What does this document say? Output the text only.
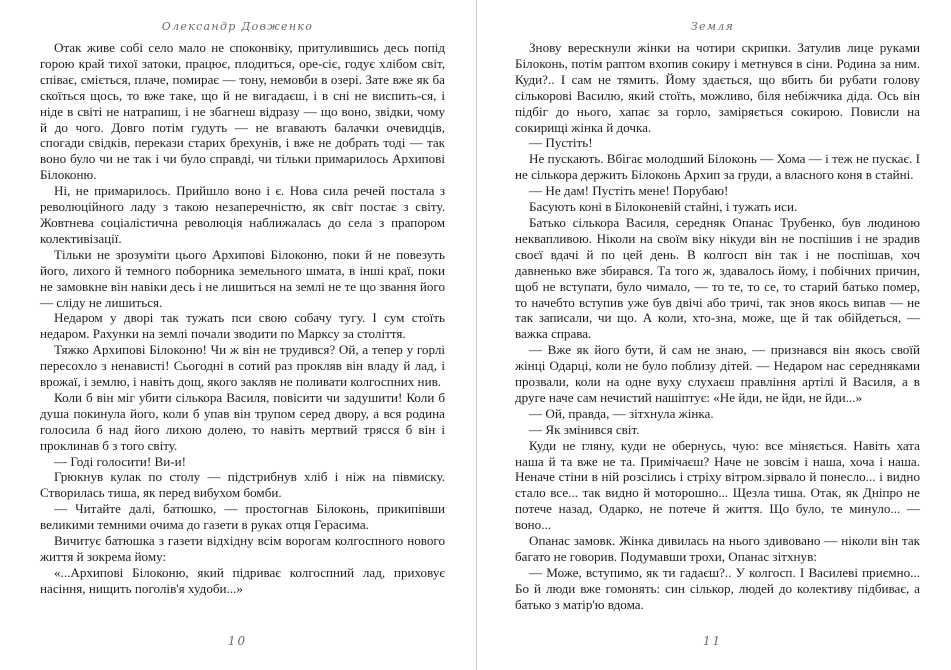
Олександр Довженко

Отак живе собі село мало не споконвіку, притулившись десь попід горою край тихої затоки, працює, плодиться, оре-сіє, годує хлібом світ, співає, сміється, плаче, помирає — тону, немовби в озері. Зате вже як ба скоїться щось, то вже таке, що й не вигадаєш, і в сні не виспить-ся, і ніде в світі не натрапиш, і не збагнеш відразу — що воно, звідки, чому й до чого. Довго потім гудуть — не вгавають балачки очевидців, спогади свідків, перекази старих брехунів, і вже не добрать тоді — так воно було чи не так і чи було справді, чи тільки примарилось Архипові Білоконю.

Ні, не примарилось. Прийшло воно і є. Нова сила речей постала з революційного ладу з такою незаперечністю, як світ постає з світу. Жовтнева соціалістична революція наближалась до села з прапором колективізації.

Тільки не зрозуміти цього Архипові Білоконю, поки й не повезуть його, лихого й темного поборника земельного шмата, в інші краї, поки не замовкне він навіки десь і не лишиться на землі не те що звання його — сліду не лишиться.

Недаром у дворі так тужать пси свою собачу тугу. І сум стоїть недаром. Рахунки на землі почали зводити по Марксу за століття.

Тяжко Архипові Білоконю! Чи ж він не трудився? Ой, а тепер у горлі пересохло з ненависті! Сьогодні в сотий раз прокляв він владу й лад, і врожаї, і землю, і навіть дощ, якого закляв не поливати колгоспних нив.

Коли б він міг убити сількора Василя, повісити чи задушити! Коли б душа покинула його, коли б упав він трупом серед двору, а вся родина голосила б над його лихою долею, то навіть мертвий трясся б він і проклинав б з того світу.

— Годі голосити! Ви-и!

Грюкнув кулак по столу — підстрибнув хліб і ніж на півмиску. Створилась тиша, як перед вибухом бомби.

— Читайте далі, батюшко, — простогнав Білоконь, прикипівши великими темними очима до газети в руках отця Герасима.

Вичитує батюшка з газети відхідну всім ворогам колгоспного нового життя й зокрема йому:

«...Архипові Білоконю, який підриває колгоспний лад, приховує насіння, нищить поголів'я худоби...»

10
Земля

Знову верескнули жінки на чотири скрипки. Затулив лице руками Білоконь, потім раптом вхопив сокиру і метнувся в сіни. Родина за ним. Куди?.. І сам не тямить. Йому здається, що вбить би рубати голову сількорові Василю, який стоїть, можливо, біля небіжчика діда. Ось він підбіг до нього, хапає за горло, заміряється сокирою. Повисли на сокирищі жінка й дочка.

— Пустіть!

Не пускають. Вбігає молодший Білоконь — Хома — і теж не пускає. І не сількора держить Білоконь Архип за груди, а власного коня в стайні.

— Не дам! Пустіть мене! Порубаю!

Басують коні в Білоконевій стайні, і тужать иси.

Батько сількора Василя, середняк Опанас Трубенко, був людиною неквапливою. Ніколи на своїм віку нікуди він не поспішив і не зрадив своєї вдачі й по цей день. В колгосп він так і не поспішав, хоч давненько вже збирався. Та того ж, здавалось йому, і побічних причин, щоб не вступати, було чимало, — то те, то се, то старий батько помер, то начебто вступив уже був двічі або тричі, так знов якось випав — не так записали, чи що. А коли, хто-зна, може, ще й так обійдеться, — важка справа.

— Вже як його бути, й сам не знаю, — признався він якось своїй жінці Одарці, коли не було поблизу дітей. — Недаром нас середняками прозвали, коли на одне вуху слухаєш правління артілі й Василя, а в друге наче сам нечистий нашіптує: «Не йди, не йди, не йди...»

— Ой, правда, — зітхнула жінка.

— Як змінився світ.

Куди не гляну, куди не обернусь, чую: все міняється. Навіть хата наша й та вже не та. Примічаєш? Наче не зовсім і наша, хоча і наша. Неначе стіни в ній розсілись і стріху вітром.зірвало й понесло... і видно стало все... так видно й моторошно... Щезла тиша. Отак, як Дніпро не потече назад, Одарко, не потече й життя. Що було, те минуло... — воно...

Опанас замовк. Жінка дивилась на нього здивовано — ніколи він так багато не говорив. Подумавши трохи, Опанас зітхнув:

— Може, вступимо, як ти гадаєш?.. У колгосп. І Василеві приємно... Бо й люди вже гомонять: син сількор, людей до колективу підбиває, а батько з матір'ю вдома.

11
